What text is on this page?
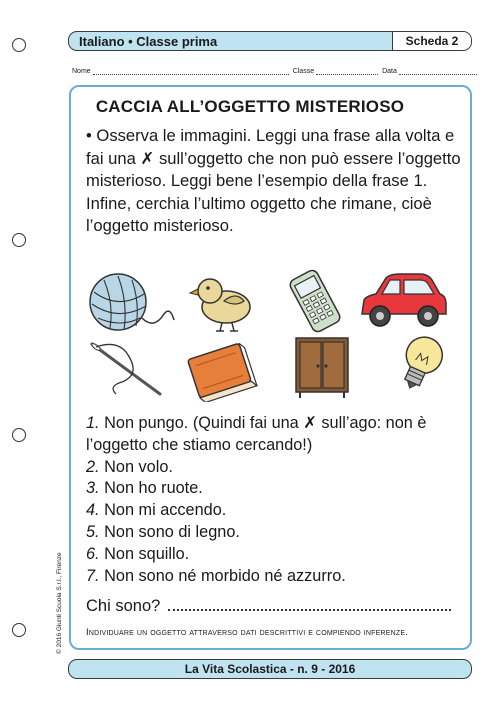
Italiano • Classe prima	Scheda 2
Nome	Classe	Data
CACCIA ALL’OGGETTO MISTERIOSO

• Osserva le immagini. Leggi una frase alla volta e fai una ✗ sull’oggetto che non può essere l’oggetto misterioso. Leggi bene l’esempio della frase 1.

Infine, cerchia l’ultimo oggetto che rimane, cioè l’oggetto misterioso.

1. Non pungo. (Quindi fai una ✗ sull’ago: non è l’oggetto che stiamo cercando!)

2. Non volo.

3. Non ho ruote.

4. Non mi accendo.

5. Non sono di legno.

6. Non squillo.

7. Non sono né morbido né azzurro.

Chi sono?
Individuare un oggetto attraverso dati descrittivi e compiendo inferenze.
© 2016 Giunti Scuola S.r.l., Firenze
La Vita Scolastica - n. 9 - 2016
